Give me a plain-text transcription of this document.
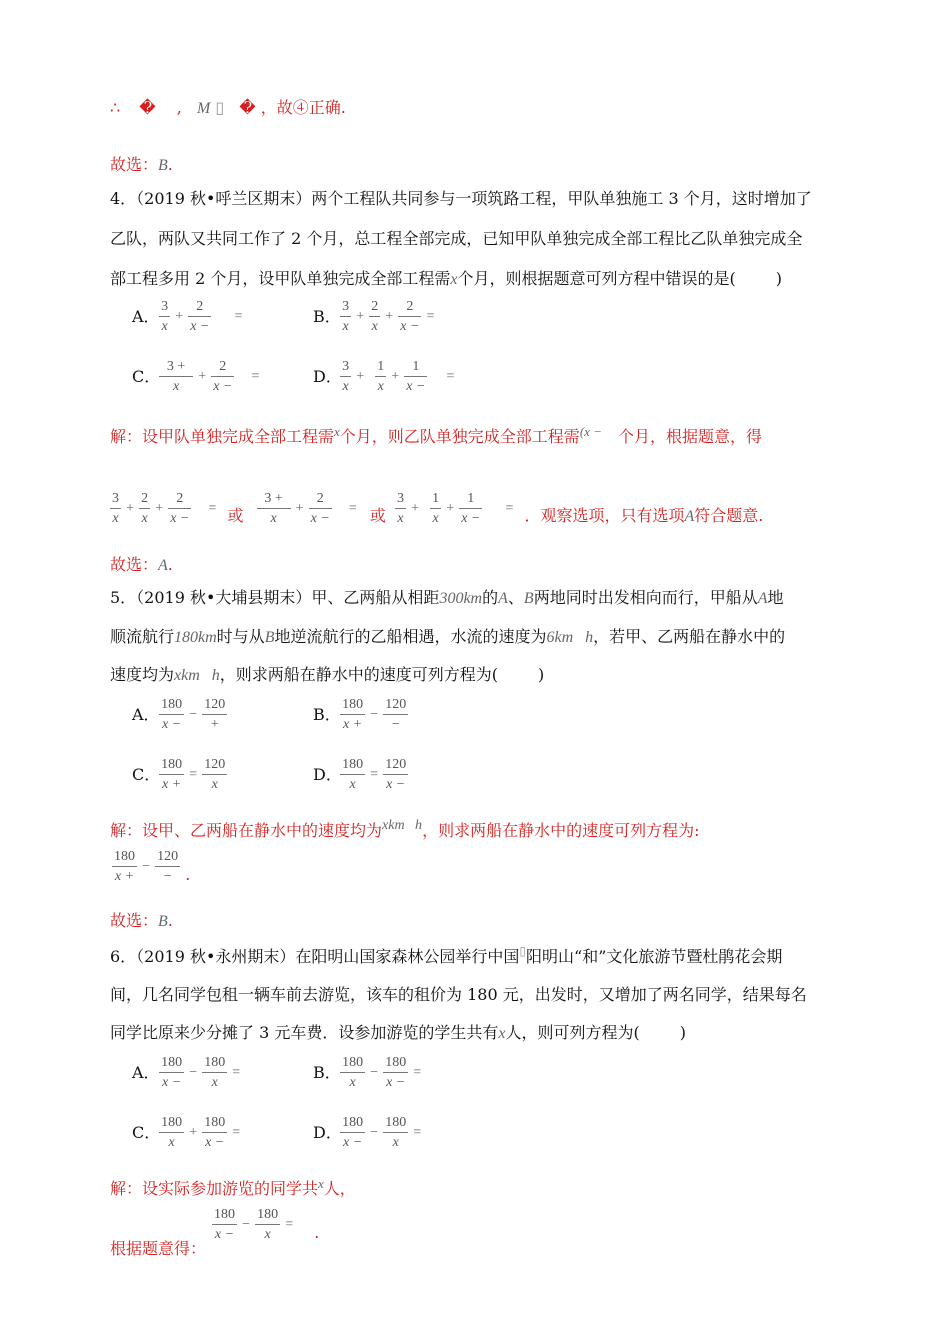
∴ � , M ▯ � ，故④正确.
故选：B.
4．（2019 秋•呼兰区期末）两个工程队共同参与一项筑路工程，甲队单独施工 3 个月，这时增加了
乙队，两队又共同工作了 2 个月，总工程全部完成，已知甲队单独完成全部工程比乙队单独完成全
部工程多用 2 个月，设甲队单独完成全部工程需x个月，则根据题意可列方程中错误的是(	)
A． $\frac{3}{x} + \frac{2}{x -}$ =	B． $\frac{3}{x} + \frac{2}{x} + \frac{2}{x -}$ =
C．
$\frac{3 +}{x} + \frac{2}{x -}$ =	D．
$\frac{3}{x} + \frac{1}{x} + \frac{1}{x -}$ =
解：设甲队单独完成全部工程需$^x$个月，则乙队单独完成全部工程需$^{(x -}$ 个月，根据题意，得
$\frac{3}{x} + \frac{2}{x} + \frac{2}{x -}$ = 或 $\frac{3 +}{x} + \frac{2}{x -}$ = 或 $\frac{3}{x} + \frac{1}{x} + \frac{1}{x -}$ = ．观察选项，只有选项A符合题意.
故选：A.
5．（2019 秋•大埔县期末）甲、乙两船从相距300km的A、B两地同时出发相向而行，甲船从A地
顺流航行180km时与从B地逆流航行的乙船相遇，水流的速度为6km   h，若甲、乙两船在静水中的
速度均为xkm   h，则求两船在静水中的速度可列方程为(	)
A． $\frac{180}{x -} - \frac{120}{+}$	B． $\frac{180}{x +} - \frac{120}{-}$
C．
$\frac{180}{x +} = \frac{120}{x}$	D．
$\frac{180}{x} = \frac{120}{x -}$
解：设甲、乙两船在静水中的速度均为xkm   h，则求两船在静水中的速度可列方程为:
$\frac{180}{x +} - \frac{120}{-}$ .
故选：B.
6．（2019 秋•永州期末）在阳明山国家森林公园举行中国▯阳明山“和”文化旅游节暨杜鹃花会期
间，几名同学包租一辆车前去游览，该车的租价为 180 元，出发时，又增加了两名同学，结果每名
同学比原来少分摊了 3 元车费．设参加游览的学生共有x人，则可列方程为(	)
A． $\frac{180}{x -} - \frac{180}{x}$ =	B． $\frac{180}{x} - \frac{180}{x -}$ =
C．
$\frac{180}{x} + \frac{180}{x -}$ =	D．
$\frac{180}{x -} - \frac{180}{x}$ =
解：设实际参加游览的同学共$^x$人，
根据题意得：
$\frac{180}{x -} - \frac{180}{x}$ = .
